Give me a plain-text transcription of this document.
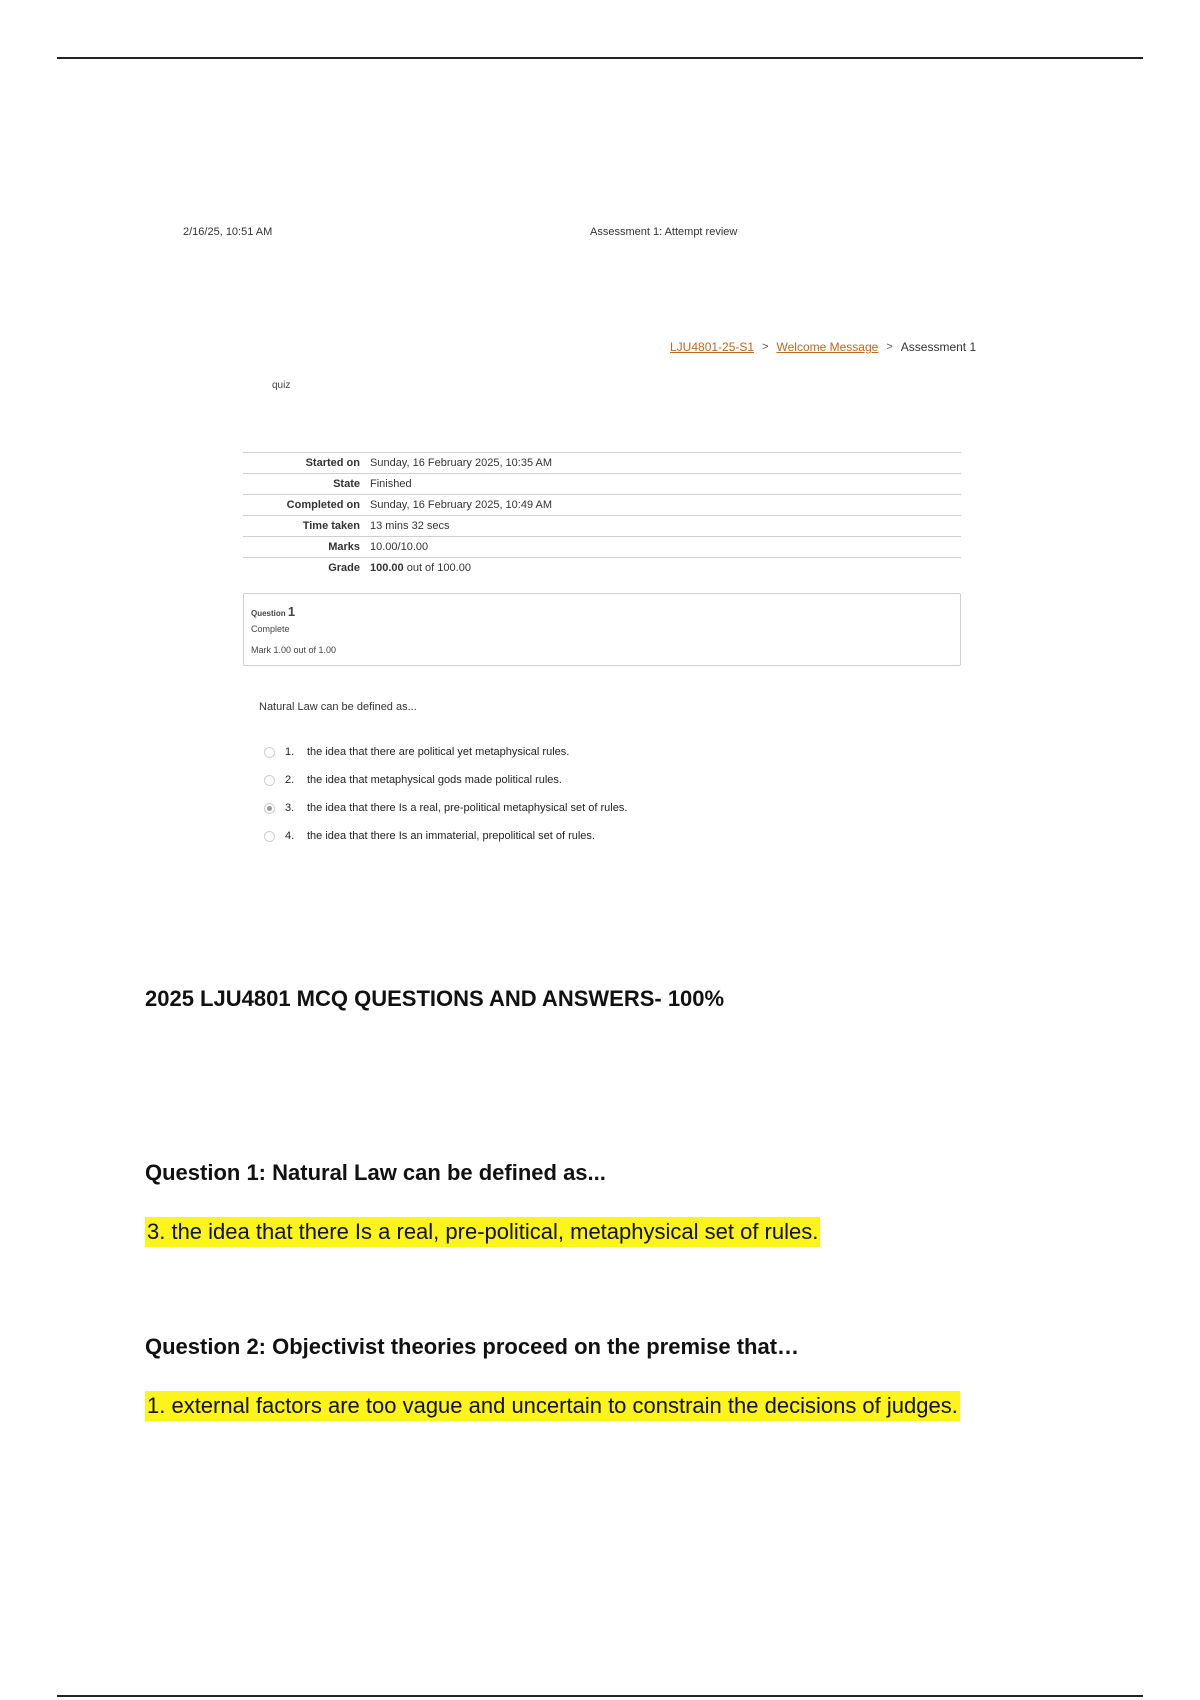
2/16/25, 10:51 AM	Assessment 1: Attempt review
LJU4801-25-S1 > Welcome Message > Assessment 1
quiz
Started on	Sunday, 16 February 2025, 10:35 AM
State	Finished
Completed on	Sunday, 16 February 2025, 10:49 AM
Time taken	13 mins 32 secs
Marks	10.00/10.00
Grade	100.00 out of 100.00
Question 1
Complete
Mark 1.00 out of 1.00
Natural Law can be defined as...
1.	the idea that there are political yet metaphysical rules.
2.	the idea that metaphysical gods made political rules.
3.	the idea that there Is a real, pre-political metaphysical set of rules.
4.	the idea that there Is an immaterial, prepolitical set of rules.
2025 LJU4801 MCQ QUESTIONS AND ANSWERS- 100%
Question 1: Natural Law can be defined as...
3. the idea that there Is a real, pre-political, metaphysical set of rules.
Question 2: Objectivist theories proceed on the premise that…
1. external factors are too vague and uncertain to constrain the decisions of judges.
